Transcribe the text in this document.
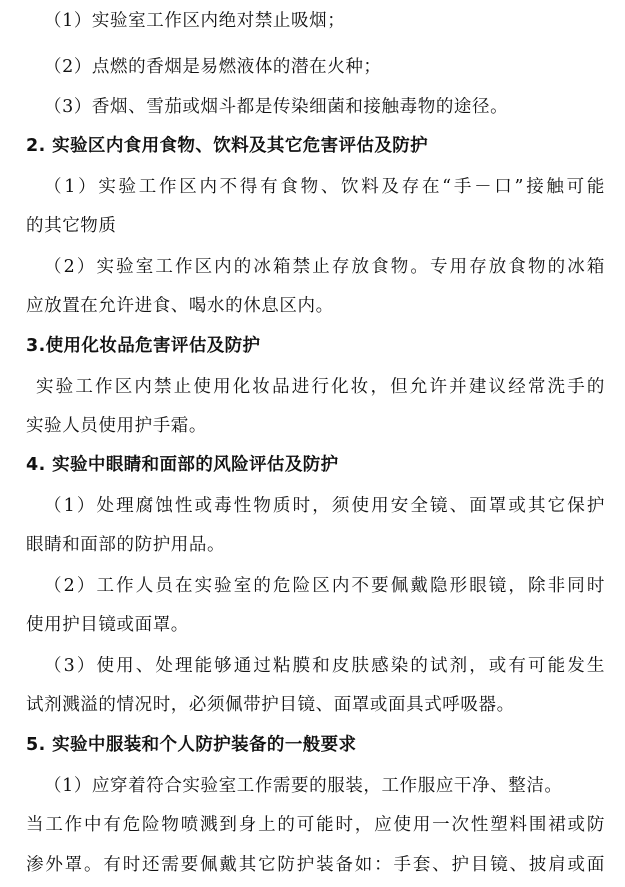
（1）实验室工作区内绝对禁止吸烟；
（2）点燃的香烟是易燃液体的潜在火种；
（3）香烟、雪茄或烟斗都是传染细菌和接触毒物的途径。
2. 实验区内食用食物、饮料及其它危害评估及防护
（1）实验工作区内不得有食物、饮料及存在“手－口”接触可能
的其它物质
（2）实验室工作区内的冰箱禁止存放食物。专用存放食物的冰箱
应放置在允许进食、喝水的休息区内。
3.使用化妆品危害评估及防护
实验工作区内禁止使用化妆品进行化妆，但允许并建议经常洗手的
实验人员使用护手霜。
4. 实验中眼睛和面部的风险评估及防护
（1）处理腐蚀性或毒性物质时，须使用安全镜、面罩或其它保护
眼睛和面部的防护用品。
（2）工作人员在实验室的危险区内不要佩戴隐形眼镜，除非同时
使用护目镜或面罩。
（3）使用、处理能够通过粘膜和皮肤感染的试剂，或有可能发生
试剂溅溢的情况时，必须佩带护目镜、面罩或面具式呼吸器。
5. 实验中服装和个人防护装备的一般要求
（1）应穿着符合实验室工作需要的服装，工作服应干净、整洁。
当工作中有危险物喷溅到身上的可能时，应使用一次性塑料围裙或防
渗外罩。有时还需要佩戴其它防护装备如：手套、护目镜、披肩或面
